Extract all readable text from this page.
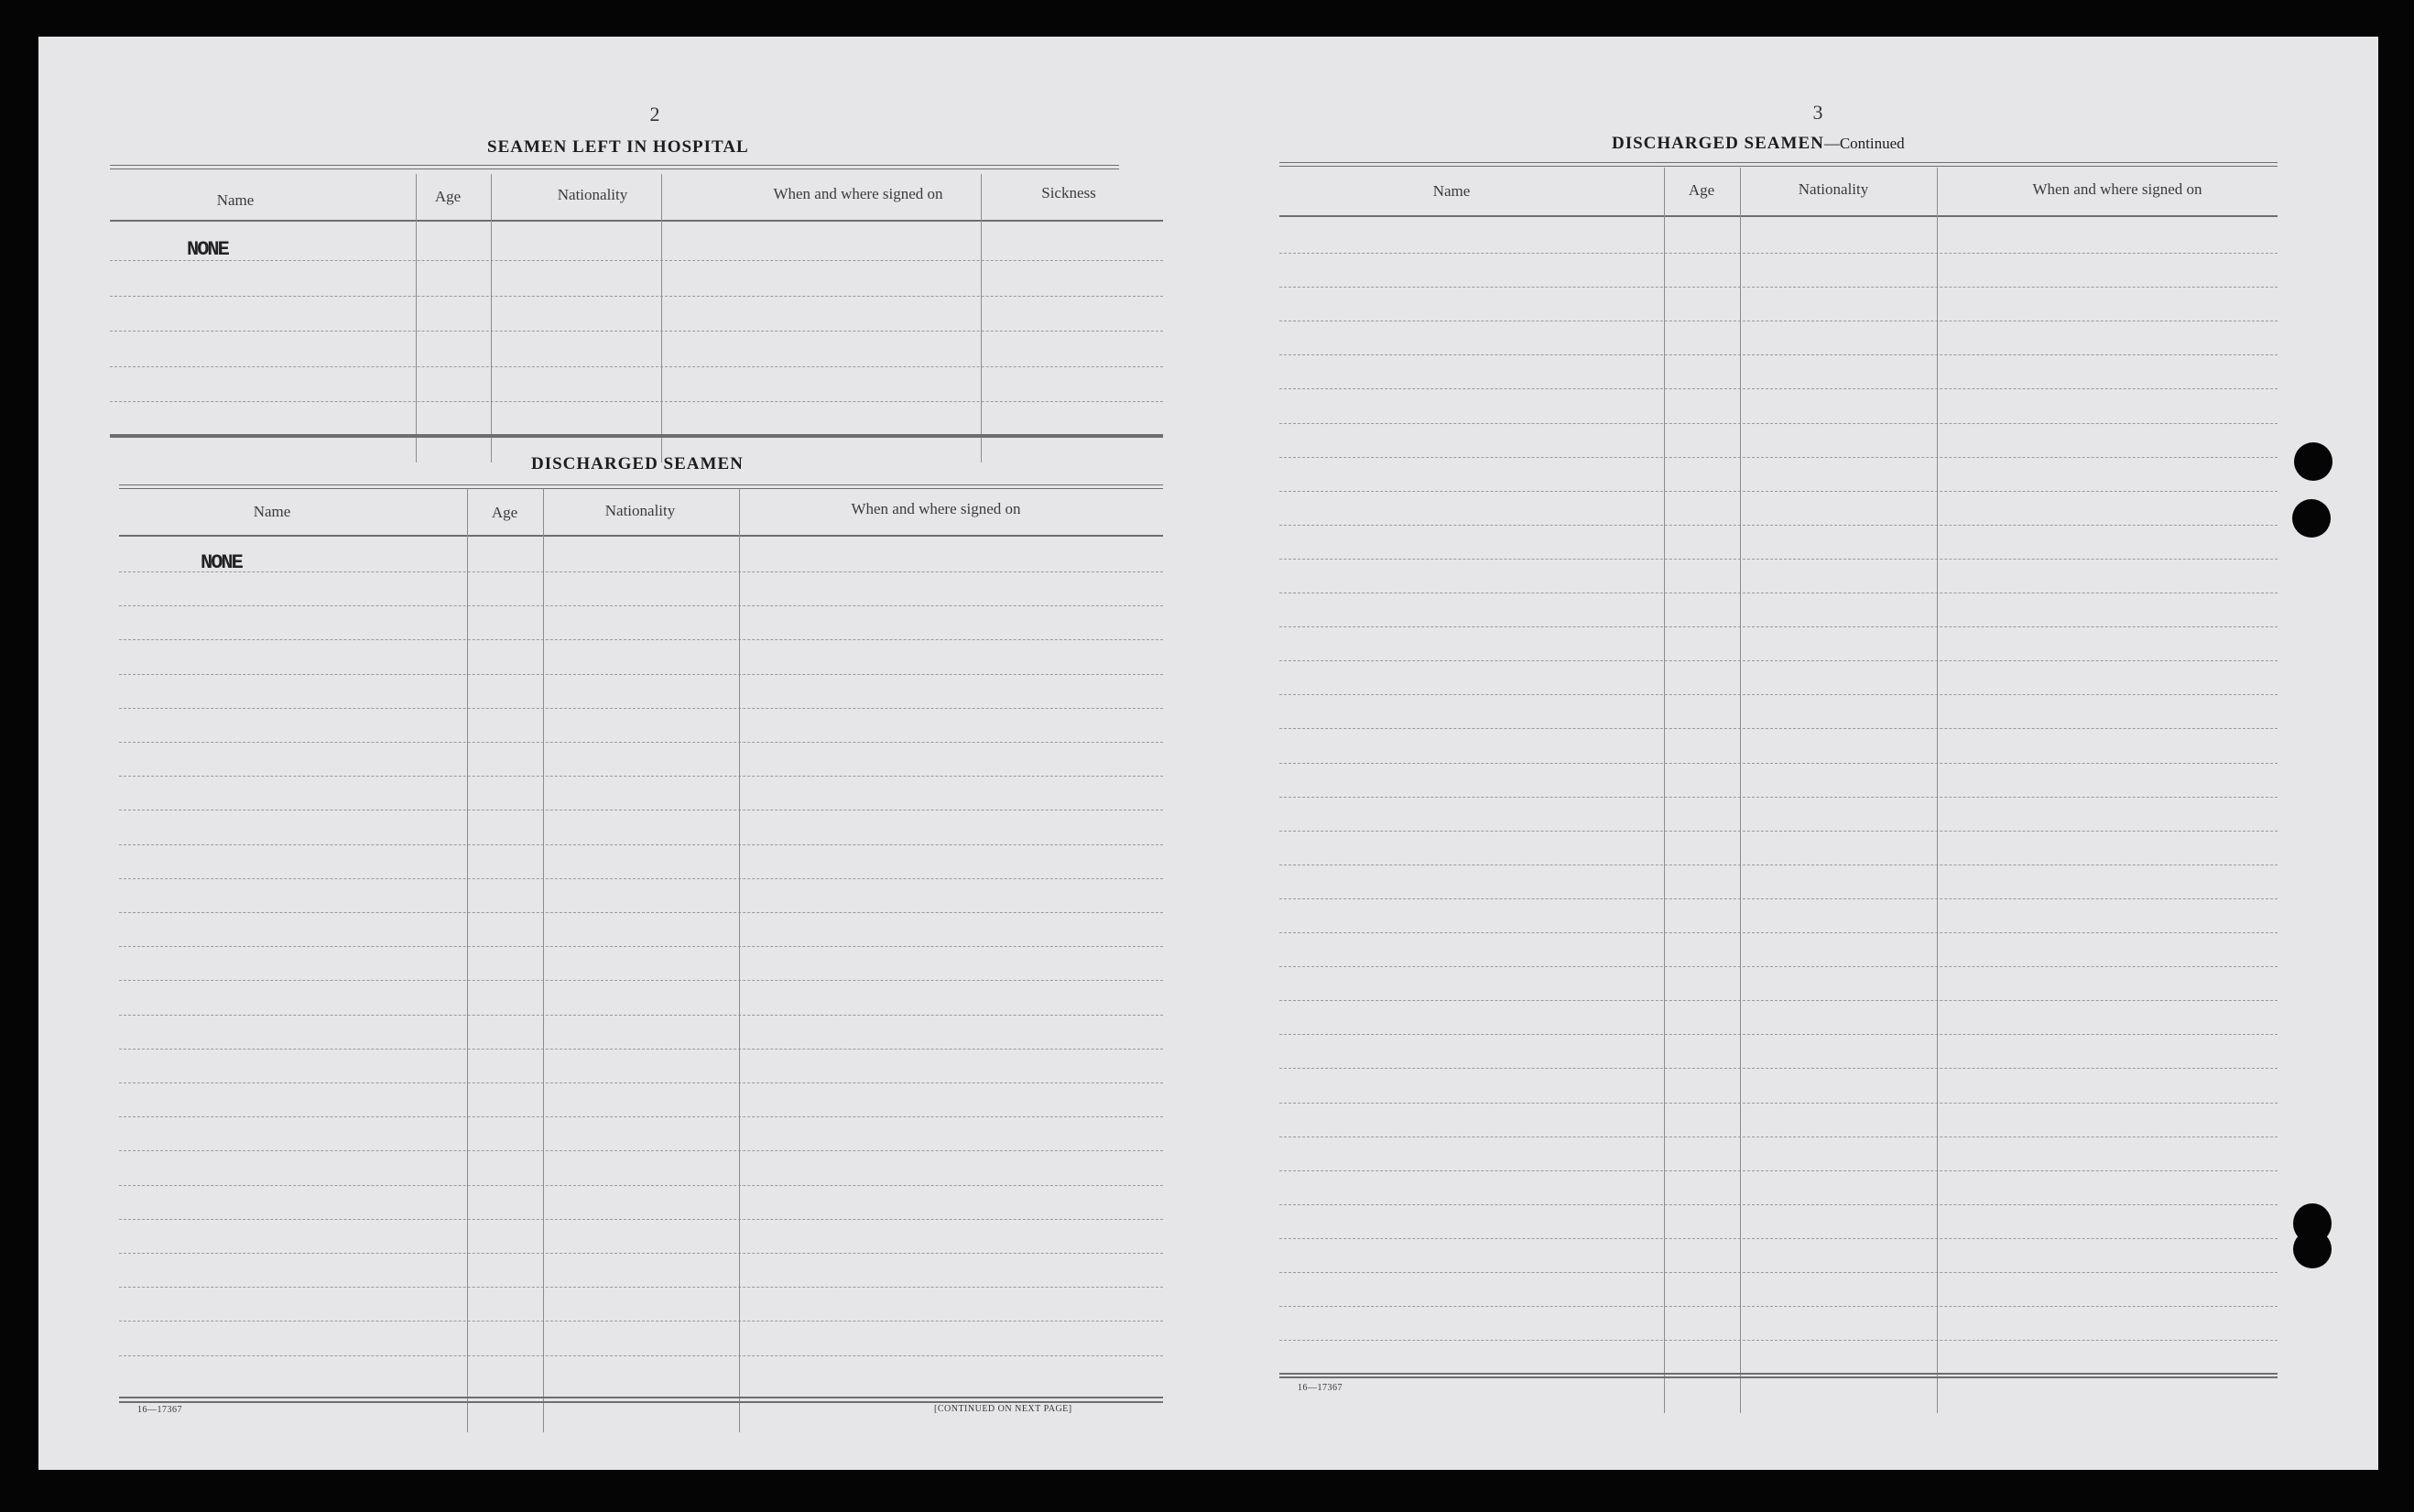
2
SEAMEN LEFT IN HOSPITAL
Name	Age	Nationality	When and where signed on	Sickness
NONE
DISCHARGED SEAMEN
Name	Age	Nationality	When and where signed on
NONE
16—17367	[CONTINUED ON NEXT PAGE]
3
DISCHARGED SEAMEN—Continued
Name	Age	Nationality	When and where signed on
16—17367
